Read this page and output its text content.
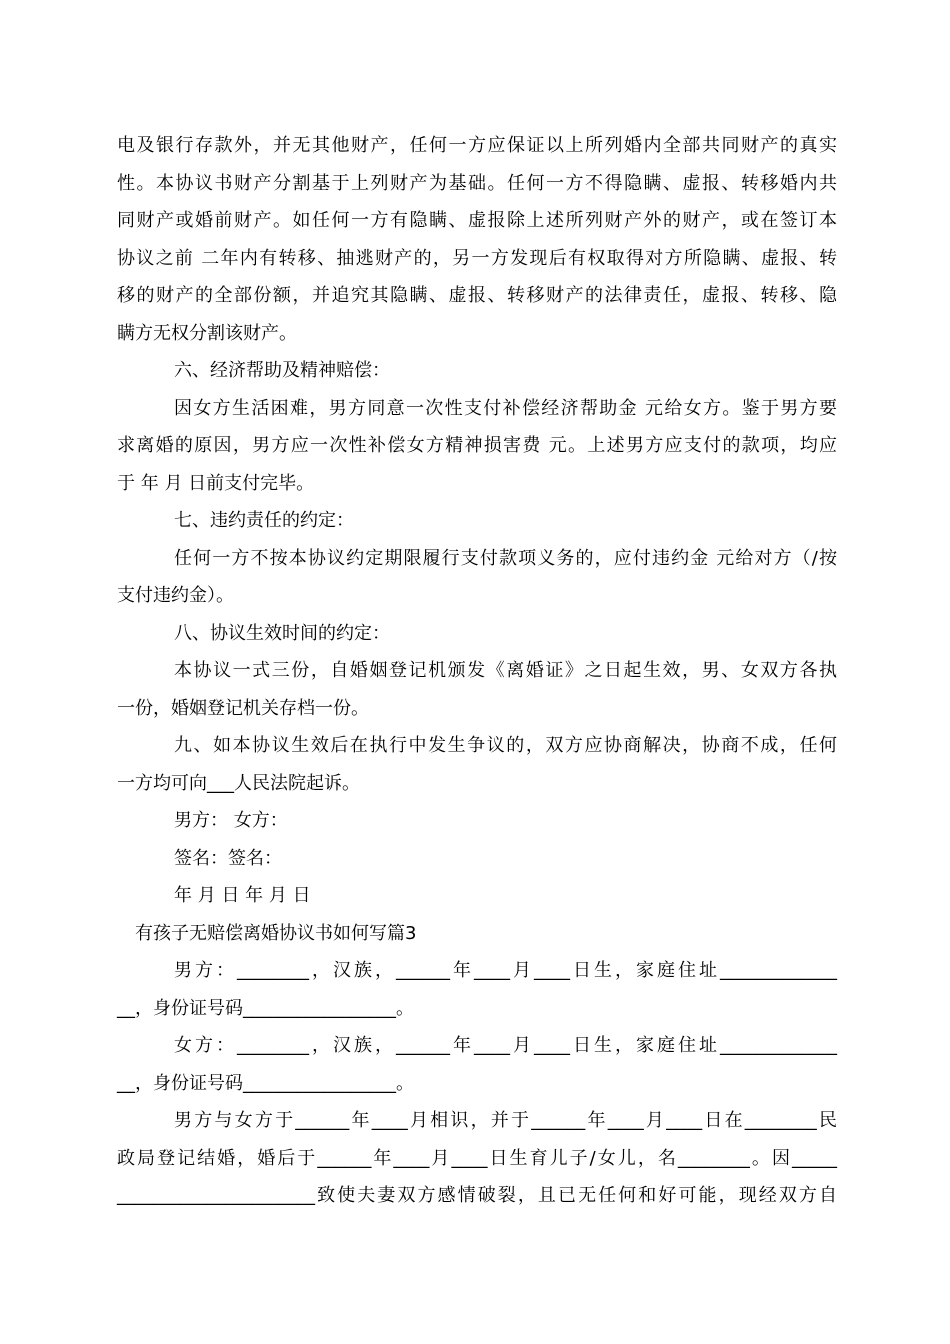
电及银行存款外，并无其他财产，任何一方应保证以上所列婚内全部共同财产的真实
性。本协议书财产分割基于上列财产为基础。任何一方不得隐瞒、虚报、转移婚内共
同财产或婚前财产。如任何一方有隐瞒、虚报除上述所列财产外的财产，或在签订本
协议之前 二年内有转移、抽逃财产的，另一方发现后有权取得对方所隐瞒、虚报、转
移的财产的全部份额，并追究其隐瞒、虚报、转移财产的法律责任，虚报、转移、隐
瞒方无权分割该财产。
六、经济帮助及精神赔偿：
因女方生活困难，男方同意一次性支付补偿经济帮助金 元给女方。鉴于男方要
求离婚的原因，男方应一次性补偿女方精神损害费 元。上述男方应支付的款项，均应
于 年 月 日前支付完毕。
七、违约责任的约定：
任何一方不按本协议约定期限履行支付款项义务的，应付违约金 元给对方（/按
支付违约金）。
八、协议生效时间的约定：
本协议一式三份，自婚姻登记机颁发《离婚证》之日起生效，男、女双方各执
一份，婚姻登记机关存档一份。
九、如本协议生效后在执行中发生争议的，双方应协商解决，协商不成，任何
一方均可向___人民法院起诉。
男方： 女方：
签名：签名：
年 月 日 年 月 日
有孩子无赔偿离婚协议书如何写篇3
男方：________，汉族，______年____月____日生，家庭住址_____________
__，身份证号码_________________。
女方：________，汉族，______年____月____日生，家庭住址_____________
__，身份证号码_________________。
男方与女方于______年____月相识，并于______年____月____日在________民
政局登记结婚，婚后于______年____月____日生育儿子/女儿，名________。因_____
______________________致使夫妻双方感情破裂，且已无任何和好可能，现经双方自
